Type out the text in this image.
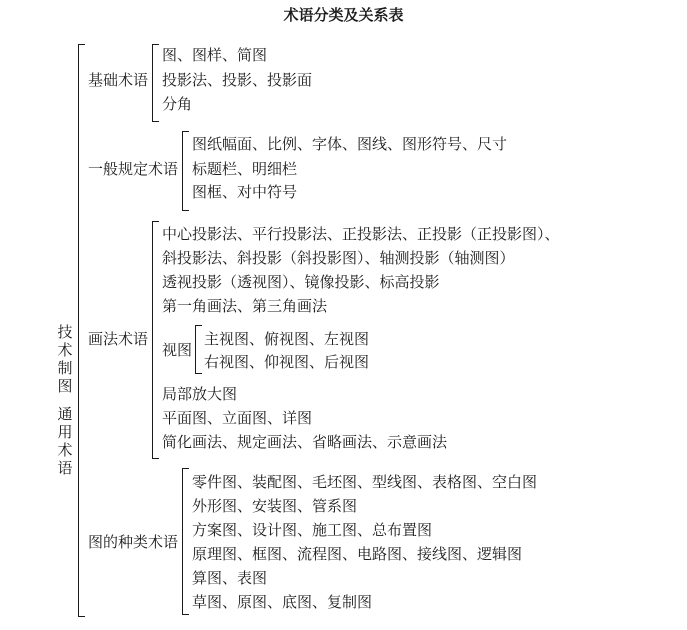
术语分类及关系表
技
术
制
图
通
用
术
语
基础术语
图、图样、简图
投影法、投影、投影面
分角
一般规定术语
图纸幅面、比例、字体、图线、图形符号、尺寸
标题栏、明细栏
图框、对中符号
画法术语
中心投影法、平行投影法、正投影法、正投影（正投影图）、
斜投影法、斜投影（斜投影图）、轴测投影（轴测图）
透视投影（透视图）、镜像投影、标高投影
第一角画法、第三角画法
视图
主视图、俯视图、左视图
右视图、仰视图、后视图
局部放大图
平面图、立面图、详图
简化画法、规定画法、省略画法、示意画法
图的种类术语
零件图、装配图、毛坯图、型线图、表格图、空白图
外形图、安装图、管系图
方案图、设计图、施工图、总布置图
原理图、框图、流程图、电路图、接线图、逻辑图
算图、表图
草图、原图、底图、复制图
